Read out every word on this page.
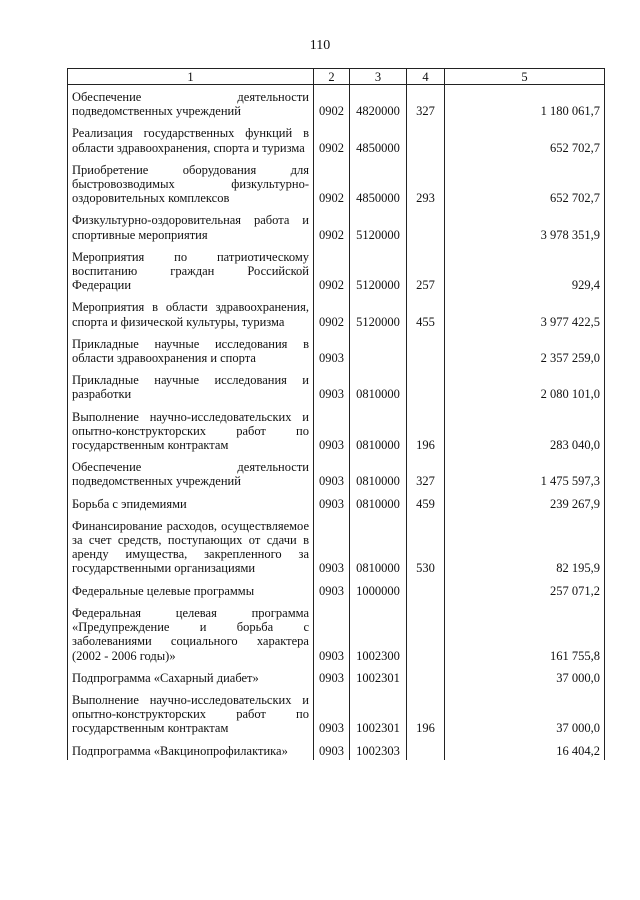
110
1	2	3	4	5
Обеспечение деятельности подведомственных учреждений	0902	4820000	327	1 180 061,7
Реализация государственных функций в области здравоохранения, спорта и туризма	0902	4850000		652 702,7
Приобретение оборудования для быстровозводимых физкультурно-оздоровительных комплексов	0902	4850000	293	652 702,7
Физкультурно-оздоровительная работа и спортивные мероприятия	0902	5120000		3 978 351,9
Мероприятия по патриотическому воспитанию граждан Российской Федерации	0902	5120000	257	929,4
Мероприятия в области здравоохранения, спорта и физической культуры, туризма	0902	5120000	455	3 977 422,5
Прикладные научные исследования в области здравоохранения и спорта	0903			2 357 259,0
Прикладные научные исследования и разработки	0903	0810000		2 080 101,0
Выполнение научно-исследовательских и опытно-конструкторских работ по государственным контрактам	0903	0810000	196	283 040,0
Обеспечение деятельности подведомственных учреждений	0903	0810000	327	1 475 597,3
Борьба с эпидемиями	0903	0810000	459	239 267,9
Финансирование расходов, осуществляемое за счет средств, поступающих от сдачи в аренду имущества, закрепленного за государственными организациями	0903	0810000	530	82 195,9
Федеральные целевые программы	0903	1000000		257 071,2
Федеральная целевая программа «Предупреждение и борьба с заболеваниями социального характера (2002 - 2006 годы)»	0903	1002300		161 755,8
Подпрограмма «Сахарный диабет»	0903	1002301		37 000,0
Выполнение научно-исследовательских и опытно-конструкторских работ по государственным контрактам	0903	1002301	196	37 000,0
Подпрограмма «Вакцинопрофилактика»	0903	1002303		16 404,2
